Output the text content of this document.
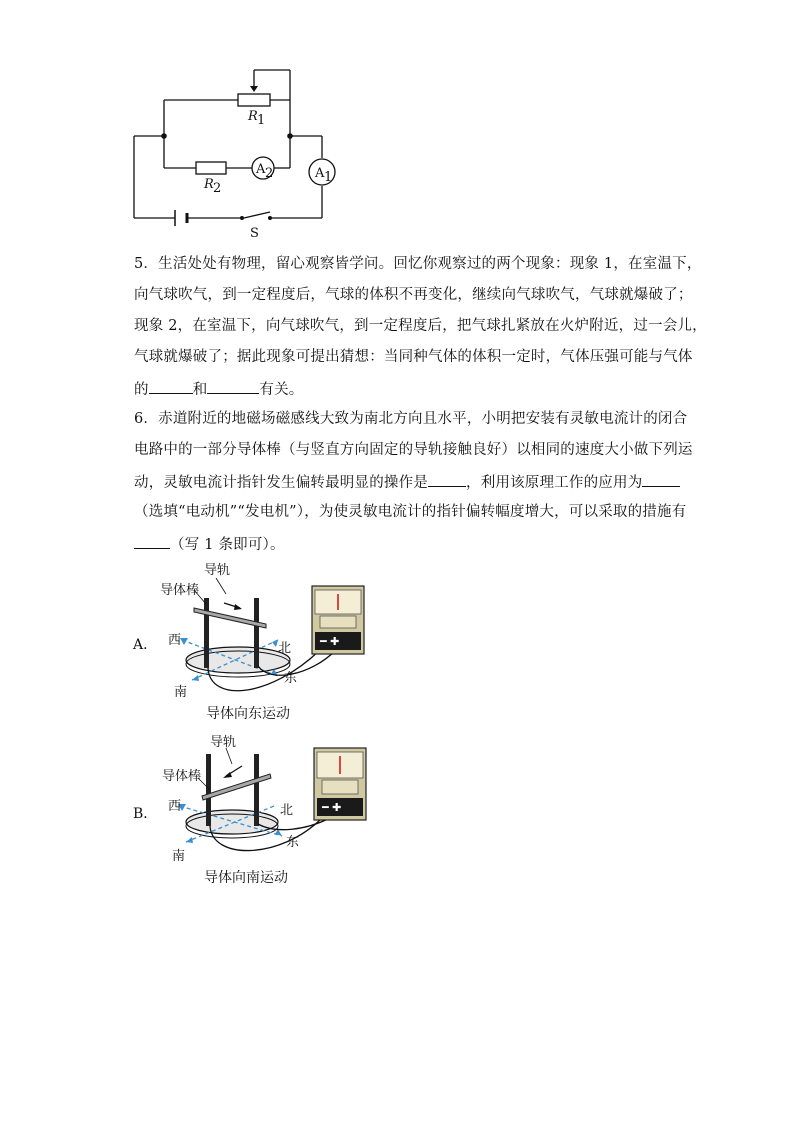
R 1
R 2
A 2	A 1
S
5．生活处处有物理，留心观察皆学问。回忆你观察过的两个现象：现象 1，在室温下，
向气球吹气，到一定程度后，气球的体积不再变化，继续向气球吹气，气球就爆破了；
现象 2，在室温下，向气球吹气，到一定程度后，把气球扎紧放在火炉附近，过一会儿，
气球就爆破了；据此现象可提出猜想：当同种气体的体积一定时，气体压强可能与气体
的	和	有关。
6．赤道附近的地磁场磁感线大致为南北方向且水平，小明把安装有灵敏电流计的闭合
电路中的一部分导体棒（与竖直方向固定的导轨接触良好）以相同的速度大小做下列运
动，灵敏电流计指针发生偏转最明显的操作是	，利用该原理工作的应用为
（选填“电动机”“发电机”），为使灵敏电流计的指针偏转幅度增大，可以采取的措施有
（写 1 条即可）。
A．	━ ✚
导轨
导体棒
西
北
东
南
导体向东运动
B．	━ ✚
导轨
导体棒
西	北
东
南
导体向南运动
